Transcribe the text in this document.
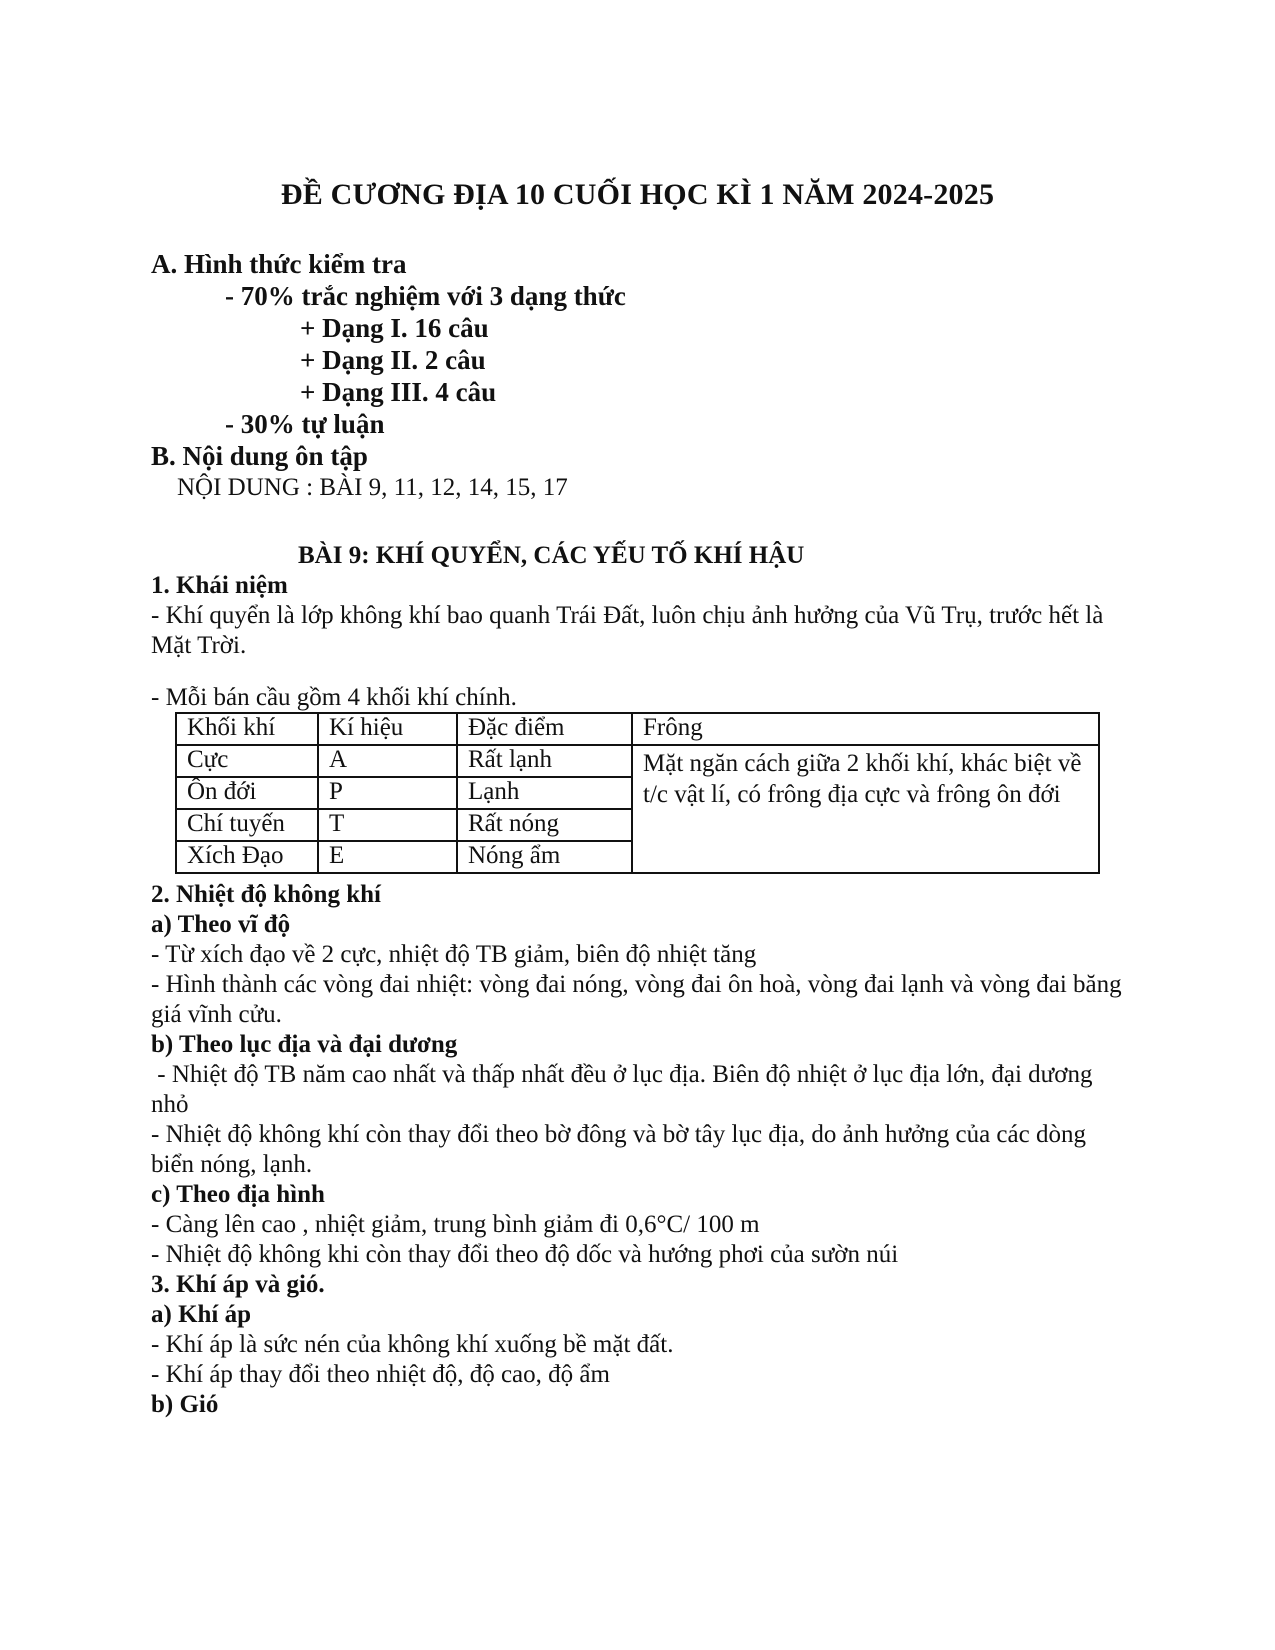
ĐỀ CƯƠNG ĐỊA 10 CUỐI HỌC KÌ 1 NĂM 2024-2025
A. Hình thức kiểm tra
- 70% trắc nghiệm với 3 dạng thức
+ Dạng I. 16 câu
+ Dạng II. 2 câu
+ Dạng III. 4 câu
- 30% tự luận
B. Nội dung ôn tập
NỘI DUNG : BÀI 9, 11, 12, 14, 15, 17
BÀI 9: KHÍ QUYỂN, CÁC YẾU TỐ KHÍ HẬU
1. Khái niệm
- Khí quyển là lớp không khí bao quanh Trái Đất, luôn chịu ảnh hưởng của Vũ Trụ, trước hết là Mặt Trời.
- Mỗi bán cầu gồm 4 khối khí chính.
Khối khí	Kí hiệu	Đặc điểm	Frông
Cực	A	Rất lạnh	Mặt ngăn cách giữa 2 khối khí, khác biệt về t/c vật lí, có frông địa cực và frông ôn đới
Ôn đới	P	Lạnh	
Chí tuyến	T	Rất nóng	
Xích Đạo	E	Nóng ẩm	
2. Nhiệt độ không khí
a) Theo vĩ độ
- Từ xích đạo về 2 cực, nhiệt độ TB giảm, biên độ nhiệt tăng
- Hình thành các vòng đai nhiệt: vòng đai nóng, vòng đai ôn hoà, vòng đai lạnh và vòng đai băng giá vĩnh cửu.
b) Theo lục địa và đại dương
- Nhiệt độ TB năm cao nhất và thấp nhất đều ở lục địa. Biên độ nhiệt ở lục địa lớn, đại dương nhỏ
- Nhiệt độ không khí còn thay đổi theo bờ đông và bờ tây lục địa, do ảnh hưởng của các dòng biển nóng, lạnh.
c) Theo địa hình
- Càng lên cao , nhiệt giảm, trung bình giảm đi 0,6°C/ 100 m
- Nhiệt độ không khi còn thay đổi theo độ dốc và hướng phơi của sườn núi
3. Khí áp và gió.
a) Khí áp
- Khí áp là sức nén của không khí xuống bề mặt đất.
- Khí áp thay đổi theo nhiệt độ, độ cao, độ ẩm
b) Gió
